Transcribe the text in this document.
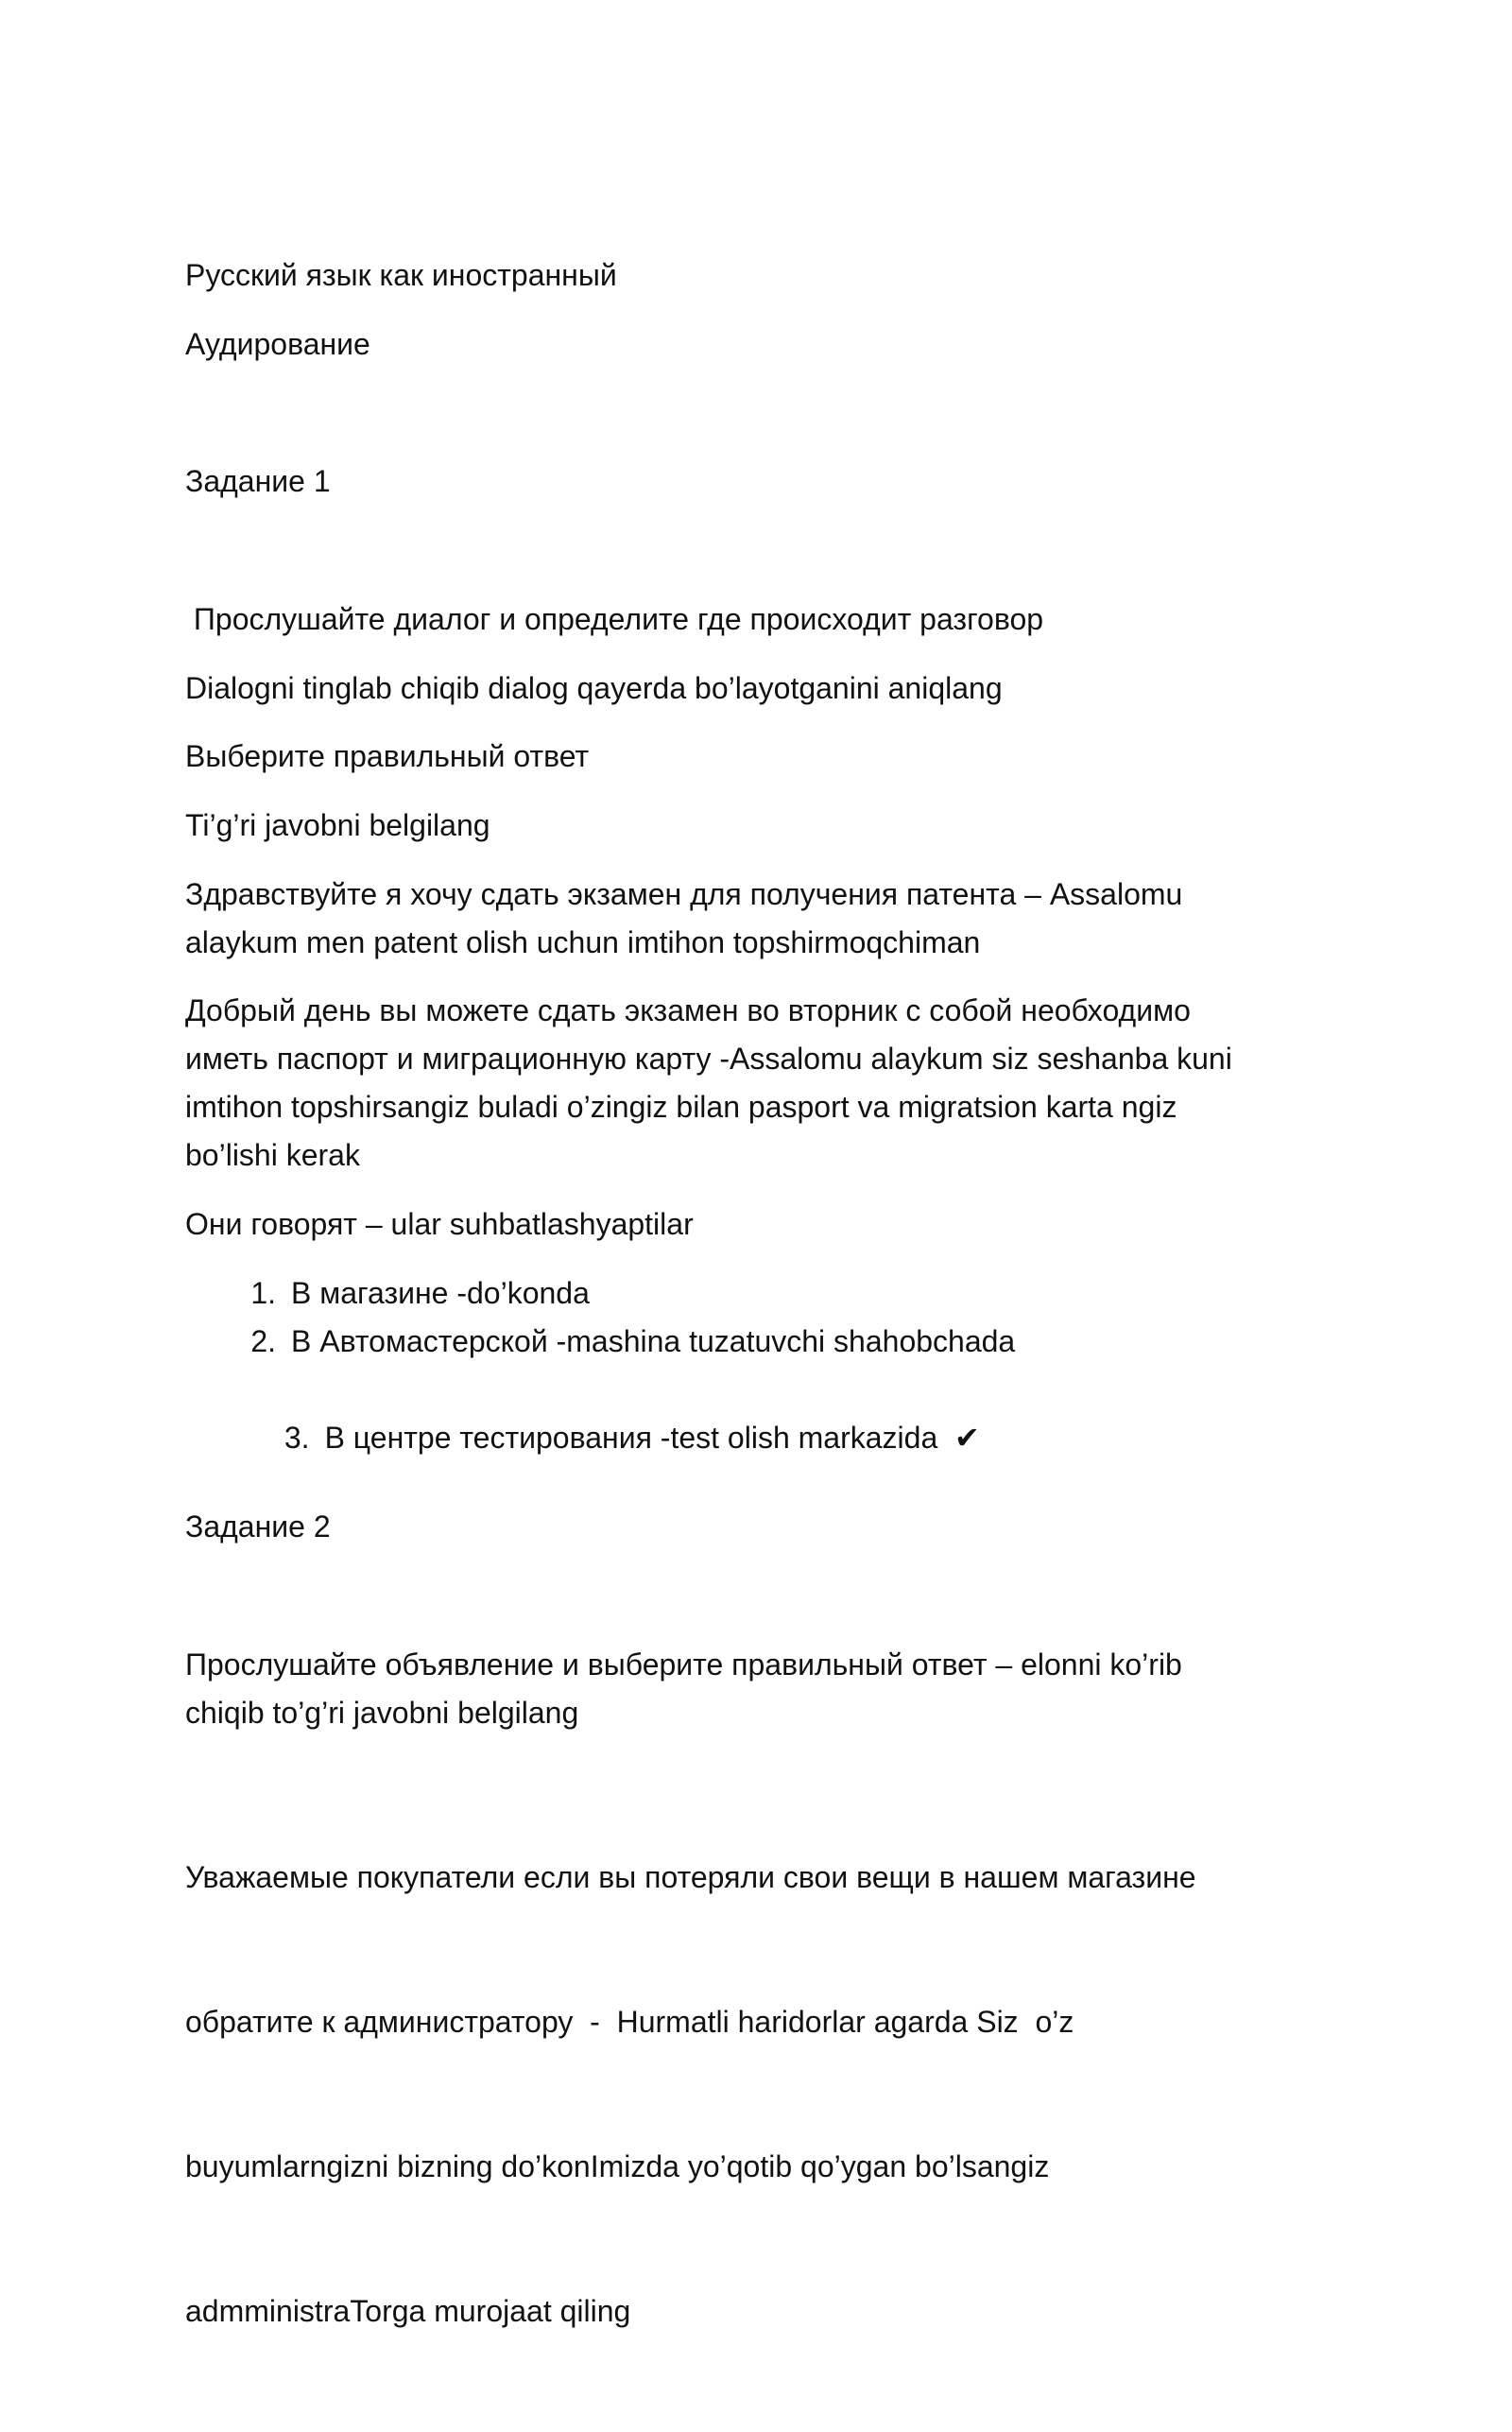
Русский язык как иностранный
Аудирование
Задание 1
Прослушайте диалог и определите где происходит разговор
Dialogni tinglab chiqib dialog qayerda bo’layotganini aniqlang
Выберите правильный ответ
Ti’g’ri javobni belgilang
Здравствуйте я хочу сдать экзамен для получения патента – Assalomu
alaykum men patent olish uchun imtihon topshirmoqchiman
Добрый день вы можете сдать экзамен во вторник с собой необходимо
иметь паспорт и миграционную карту -Assalomu alaykum siz seshanba kuni
imtihon topshirsangiz buladi o’zingiz bilan pasport va migratsion karta ngiz
bo’lishi kerak
Они говорят – ular suhbatlashyaptilar
1. В магазине -do’konda
2. В Автомастерской -mashina tuzatuvchi shahobchada

3. В центре тестирования -test olish markazida  ✔

Задание 2
Прослушайте объявление и выберите правильный ответ – elonni ko’rib
chiqib to’g’ri javobni belgilang

Уважаемые покупатели если вы потеряли свои вещи в нашем магазине

обратите к администратору  -  Hurmatli haridorlar agarda Siz  o’z

buyumlarngizni bizning do’konImizda yo’qotib qo’ygan bo’lsangiz

admministraTorga murojaat qiling
